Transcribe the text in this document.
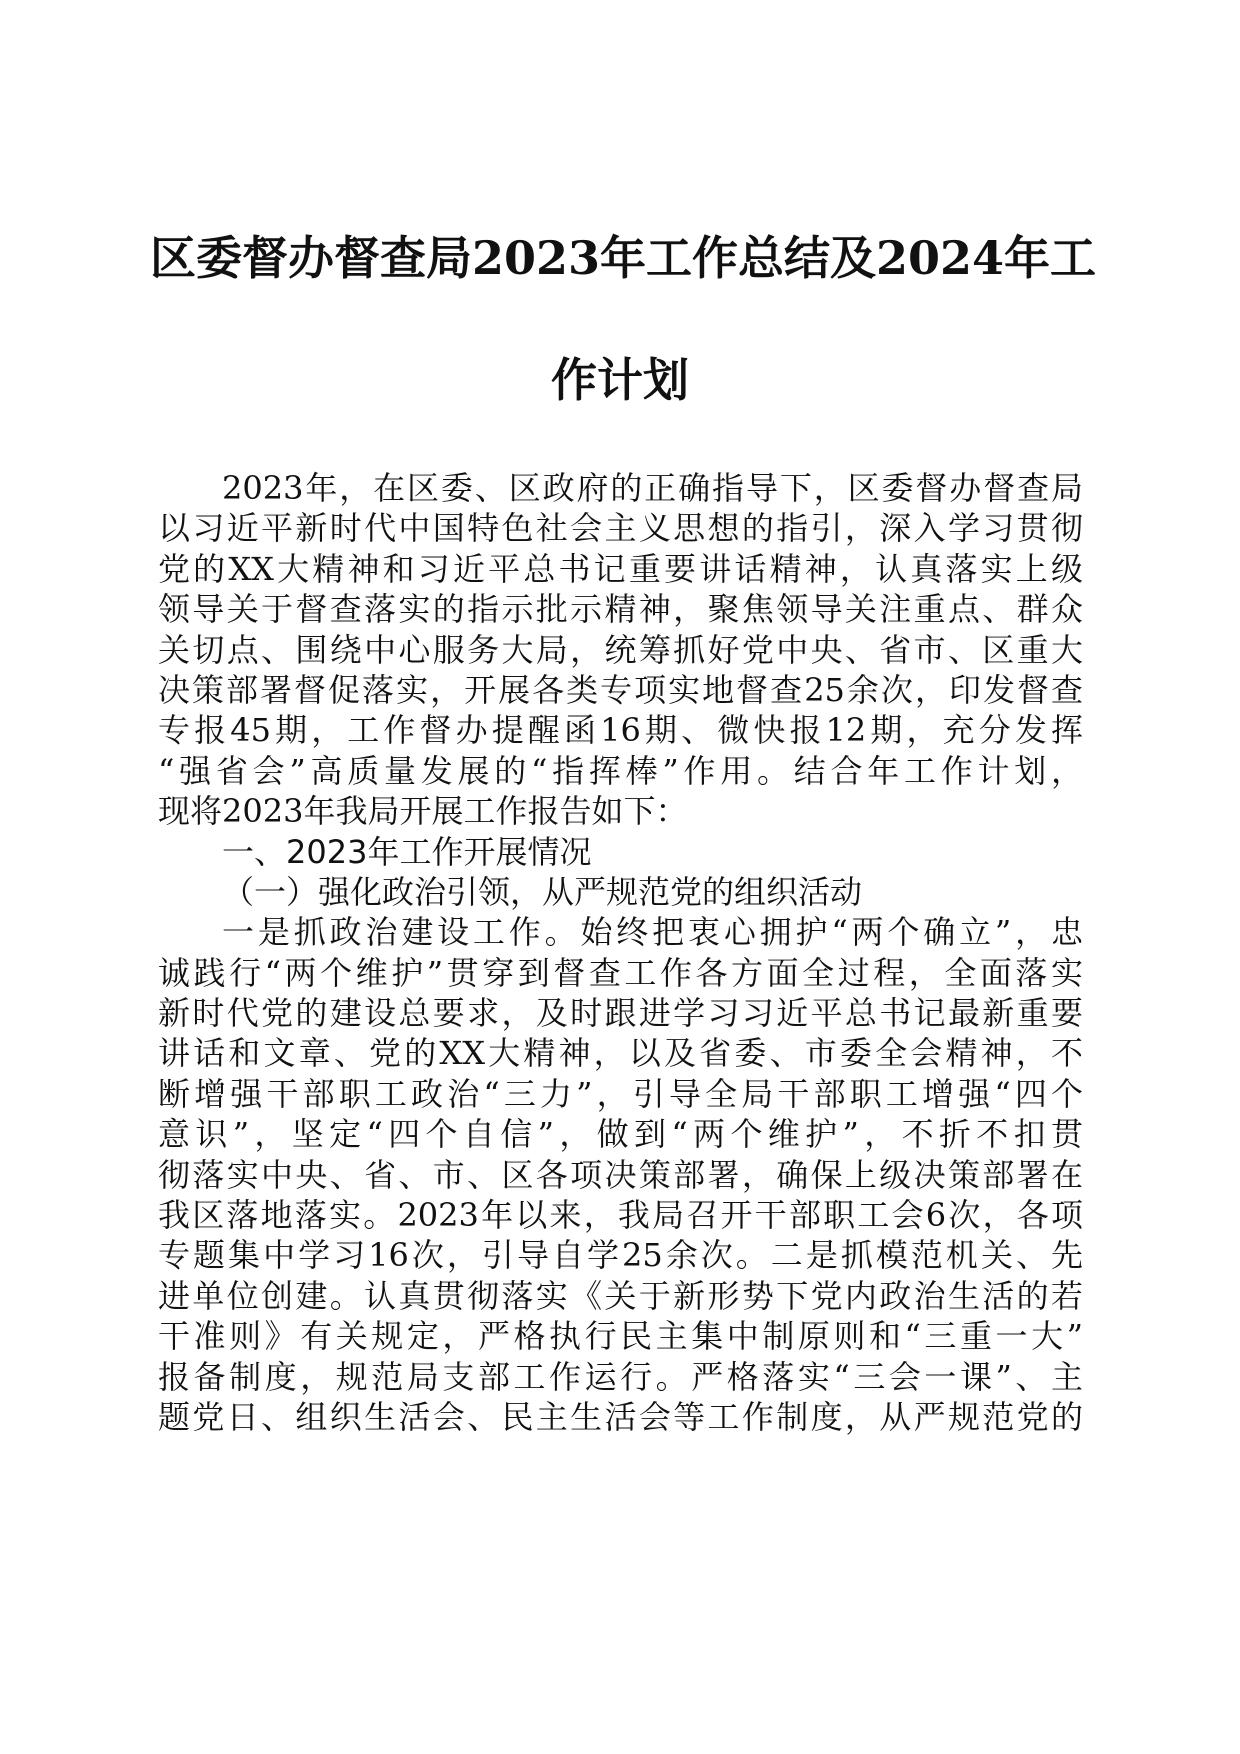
区委督办督查局2023年工作总结及2024年工
作计划
2023年，在区委、区政府的正确指导下，区委督办督查局
以习近平新时代中国特色社会主义思想的指引，深入学习贯彻
党的XX大精神和习近平总书记重要讲话精神，认真落实上级
领导关于督查落实的指示批示精神，聚焦领导关注重点、群众
关切点、围绕中心服务大局，统筹抓好党中央、省市、区重大
决策部署督促落实，开展各类专项实地督查25余次，印发督查
专报45期，工作督办提醒函16期、微快报12期，充分发挥
“强省会”高质量发展的“指挥棒”作用。结合年工作计划，
现将2023年我局开展工作报告如下：
一、2023年工作开展情况
（一）强化政治引领，从严规范党的组织活动
一是抓政治建设工作。始终把衷心拥护“两个确立”，忠
诚践行“两个维护”贯穿到督查工作各方面全过程，全面落实
新时代党的建设总要求，及时跟进学习习近平总书记最新重要
讲话和文章、党的XX大精神，以及省委、市委全会精神，不
断增强干部职工政治“三力”，引导全局干部职工增强“四个
意识”，坚定“四个自信”，做到“两个维护”，不折不扣贯
彻落实中央、省、市、区各项决策部署，确保上级决策部署在
我区落地落实。2023年以来，我局召开干部职工会6次，各项
专题集中学习16次，引导自学25余次。二是抓模范机关、先
进单位创建。认真贯彻落实《关于新形势下党内政治生活的若
干准则》有关规定，严格执行民主集中制原则和“三重一大”
报备制度，规范局支部工作运行。严格落实“三会一课”、主
题党日、组织生活会、民主生活会等工作制度，从严规范党的
